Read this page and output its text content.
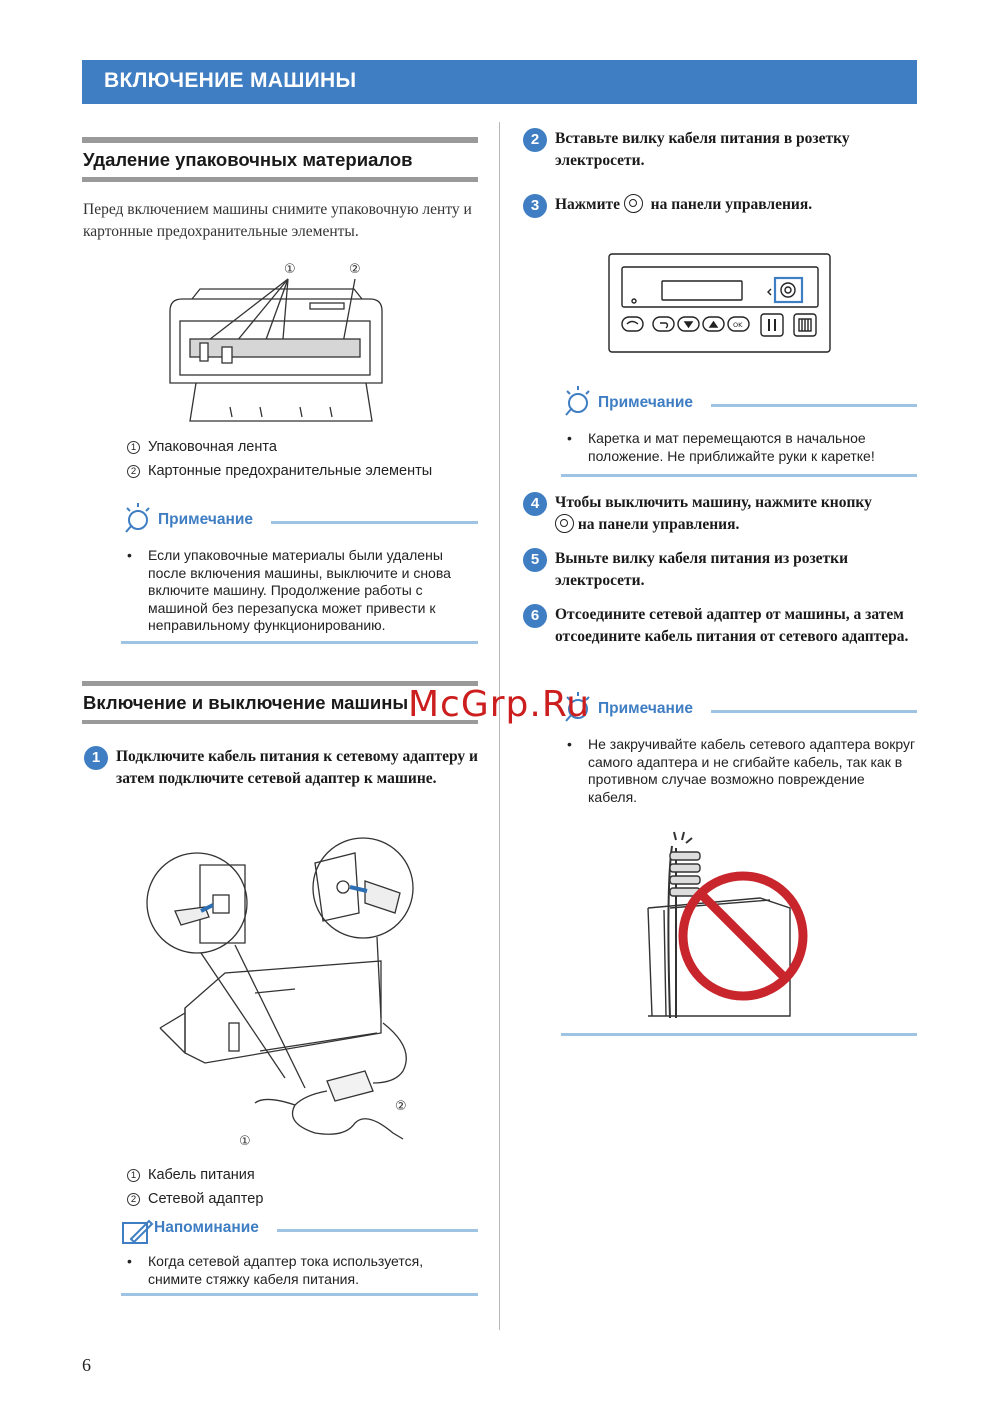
ВКЛЮЧЕНИЕ МАШИНЫ
Удаление упаковочных материалов
Перед включением машины снимите упаковочную ленту и картонные предохранительные элементы.
①	②
1 Упаковочная лента
2 Картонные предохранительные элементы
Примечание
• Если упаковочные материалы были удалены после включения машины, выключите и снова включите машину. Продолжение работы с машиной без перезапуска может привести к неправильному функционированию.
Включение и выключение машины
1	Подключите кабель питания к сетевому адаптеру и затем подключите сетевой адаптер к машине.
①
②
1 Кабель питания
2 Сетевой адаптер
Напоминание
• Когда сетевой адаптер тока используется, снимите стяжку кабеля питания.
2	Вставьте вилку кабеля питания в розетку электросети.
3	Нажмите на панели управления.
OK
Примечание
• Каретка и мат перемещаются в начальное положение. Не приближайте руки к каретке!
4	Чтобы выключить машину, нажмите кнопку
на панели управления.
5	Выньте вилку кабеля питания из розетки электросети.
6	Отсоедините сетевой адаптер от машины, а затем отсоедините кабель питания от сетевого адаптера.
Примечание
• Не закручивайте кабель сетевого адаптера вокруг самого адаптера и не сгибайте кабель, так как в противном случае возможно повреждение кабеля.
McGrp.Ru
6
